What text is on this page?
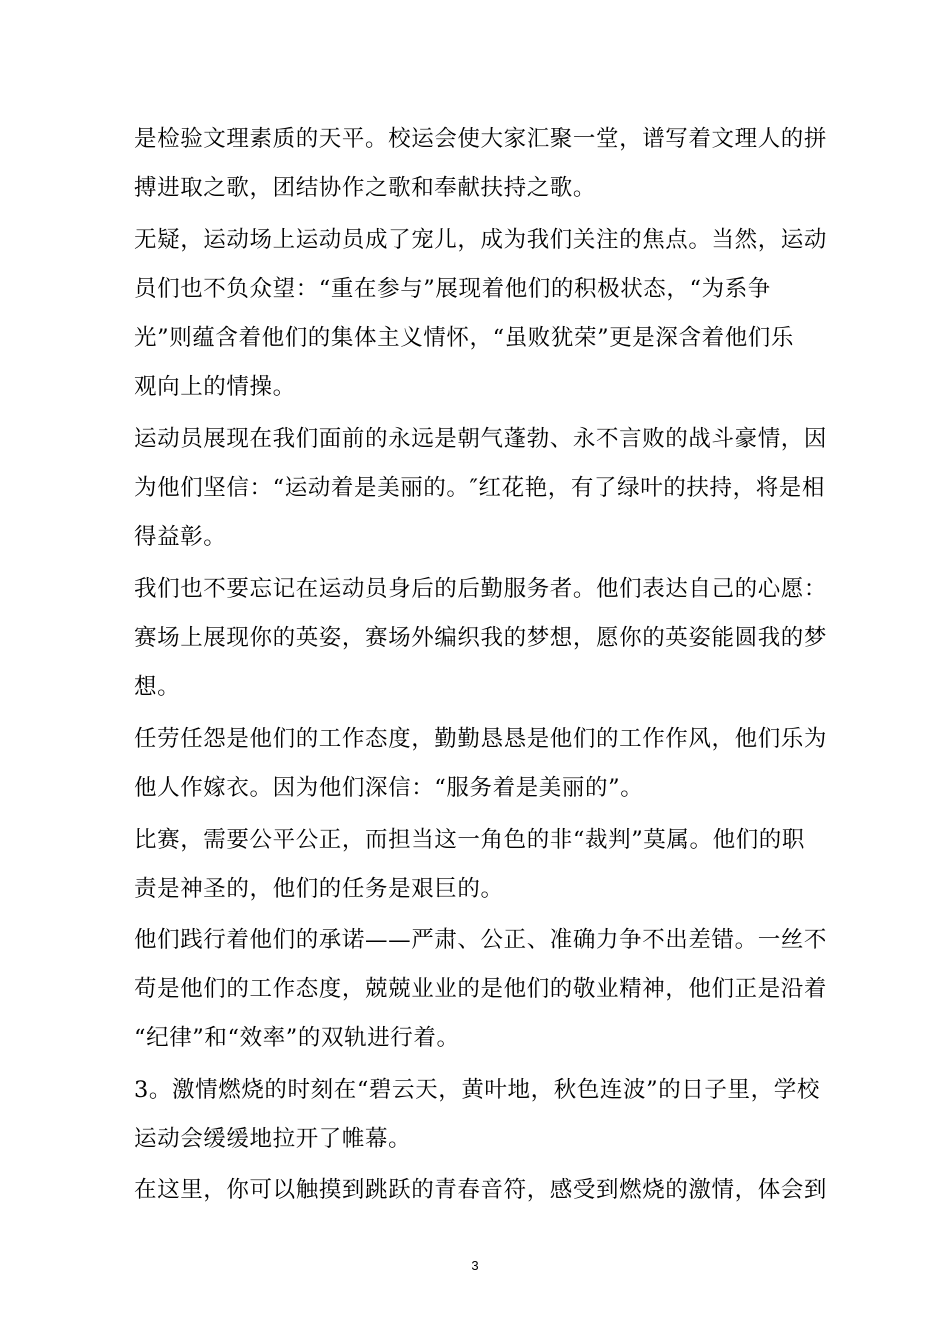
是检验文理素质的天平。校运会使大家汇聚一堂，谱写着文理人的拼
搏进取之歌，团结协作之歌和奉献扶持之歌。
无疑，运动场上运动员成了宠儿，成为我们关注的焦点。当然，运动
员们也不负众望：“重在参与”展现着他们的积极状态，“为系争
光”则蕴含着他们的集体主义情怀，“虽败犹荣”更是深含着他们乐
观向上的情操。
运动员展现在我们面前的永远是朝气蓬勃、永不言败的战斗豪情，因
为他们坚信：“运动着是美丽的。″红花艳，有了绿叶的扶持，将是相
得益彰。
我们也不要忘记在运动员身后的后勤服务者。他们表达自己的心愿：
赛场上展现你的英姿，赛场外编织我的梦想，愿你的英姿能圆我的梦
想。
任劳任怨是他们的工作态度，勤勤恳恳是他们的工作作风，他们乐为
他人作嫁衣。因为他们深信：“服务着是美丽的”。
比赛，需要公平公正，而担当这一角色的非“裁判”莫属。他们的职
责是神圣的，他们的任务是艰巨的。
他们践行着他们的承诺——严肃、公正、准确力争不出差错。一丝不
苟是他们的工作态度，兢兢业业的是他们的敬业精神，他们正是沿着
“纪律”和“效率”的双轨进行着。
3。激情燃烧的时刻在“碧云天，黄叶地，秋色连波”的日子里，学校
运动会缓缓地拉开了帷幕。
在这里，你可以触摸到跳跃的青春音符，感受到燃烧的激情，体会到
3
